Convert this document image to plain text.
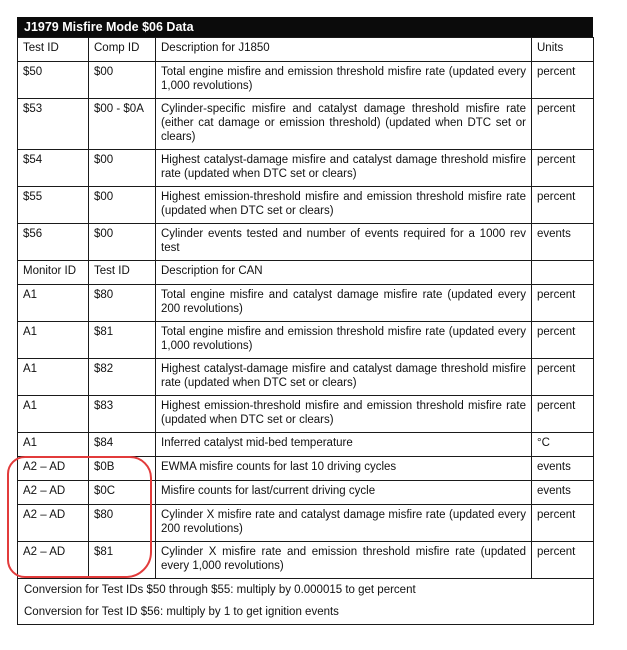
J1979 Misfire Mode $06 Data
Test ID	Comp ID	Description for J1850	Units
$50	$00	Total engine misfire and emission threshold misfire rate (updated every 1,000 revolutions)	percent
$53	$00 - $0A	Cylinder-specific misfire and catalyst damage threshold misfire rate (either cat damage or emission threshold) (updated when DTC set or clears)	percent
$54	$00	Highest catalyst-damage misfire and catalyst damage threshold misfire rate (updated when DTC set or clears)	percent
$55	$00	Highest emission-threshold misfire and emission threshold misfire rate (updated when DTC set or clears)	percent
$56	$00	Cylinder events tested and number of events required for a 1000 rev test	events
Monitor ID	Test ID	Description for CAN	
A1	$80	Total engine misfire and catalyst damage misfire rate (updated every 200 revolutions)	percent
A1	$81	Total engine misfire and emission threshold misfire rate (updated every 1,000 revolutions)	percent
A1	$82	Highest catalyst-damage misfire and catalyst damage threshold misfire rate (updated when DTC set or clears)	percent
A1	$83	Highest emission-threshold misfire and emission threshold misfire rate (updated when DTC set or clears)	percent
A1	$84	Inferred catalyst mid-bed temperature	°C
A2 – AD	$0B	EWMA misfire counts for last 10 driving cycles	events
A2 – AD	$0C	Misfire counts for last/current driving cycle	events
A2 – AD	$80	Cylinder X misfire rate and catalyst damage misfire rate (updated every 200 revolutions)	percent
A2 – AD	$81	Cylinder X misfire rate and emission threshold misfire rate (updated every 1,000 revolutions)	percent
Conversion for Test IDs $50 through $55: multiply by 0.000015 to get percent			
Conversion for Test ID $56: multiply by 1 to get ignition events			
